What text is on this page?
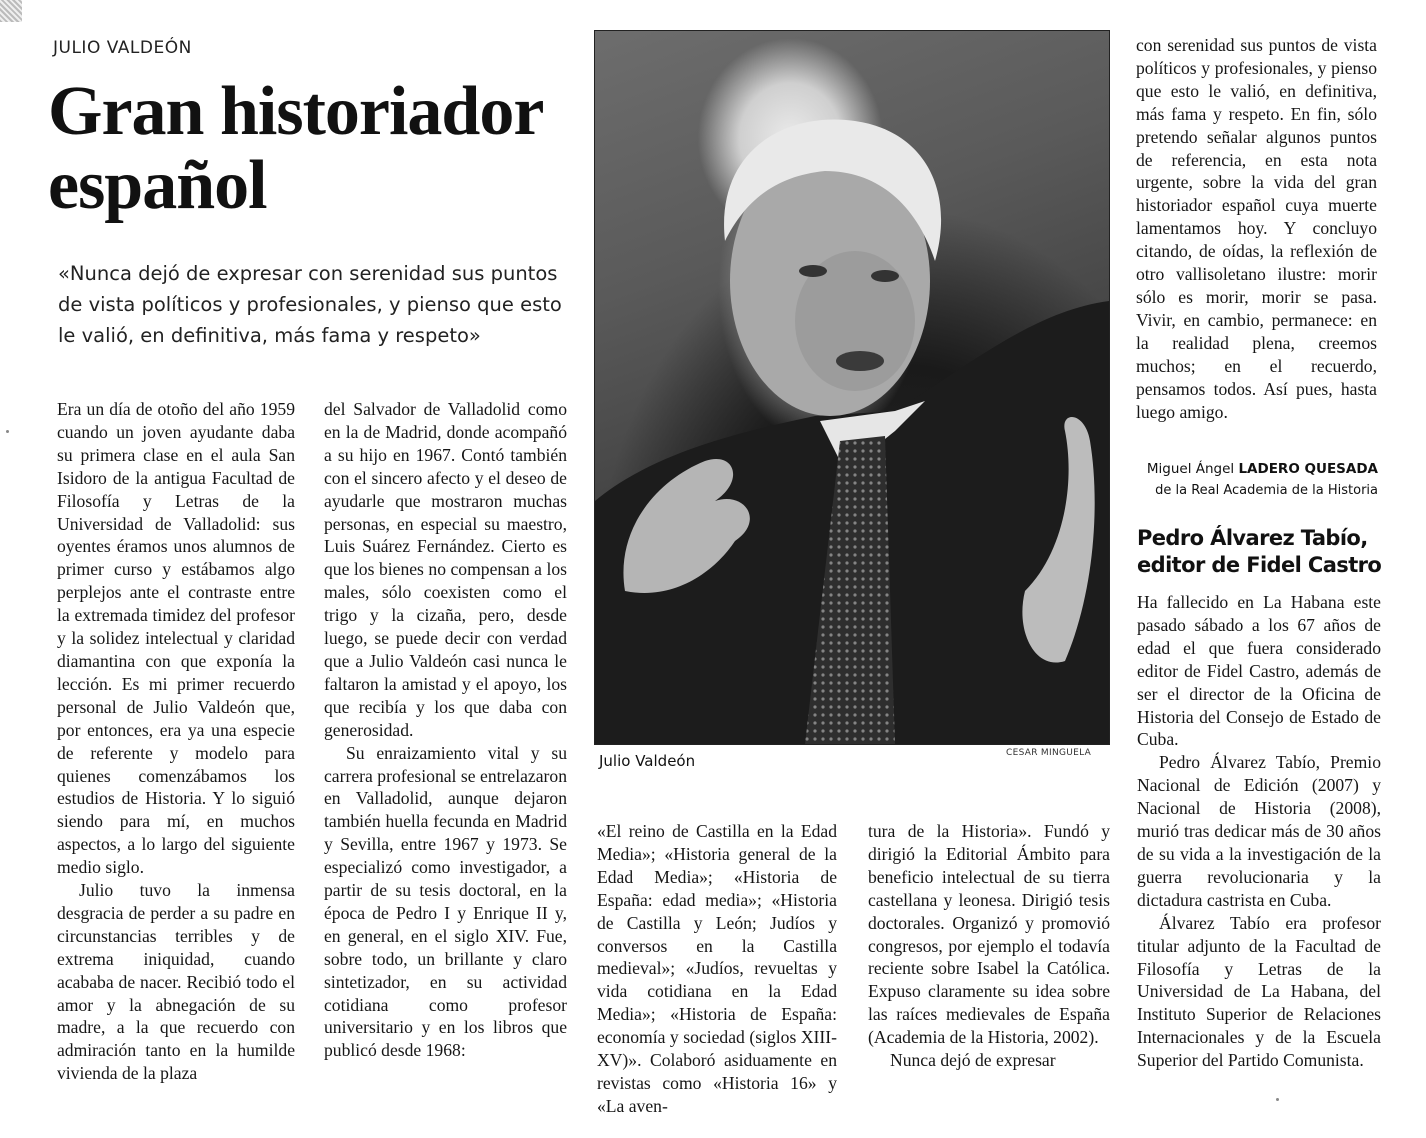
JULIO VALDEÓN
Gran historiador español

«Nunca dejó de expresar con serenidad sus puntos de vista políticos y profesionales, y pienso que esto le valió, en definitiva, más fama y respeto»

Era un día de otoño del año 1959 cuando un joven ayudante daba su primera clase en el aula San Isidoro de la antigua Facultad de Filosofía y Letras de la Universidad de Valladolid: sus oyentes éramos unos alumnos de primer curso y estábamos algo perplejos ante el contraste entre la extremada timidez del profesor y la solidez intelectual y claridad diamantina con que exponía la lección. Es mi primer recuerdo personal de Julio Valdeón que, por entonces, era ya una especie de referente y modelo para quienes comenzábamos los estudios de Historia. Y lo siguió siendo para mí, en muchos aspectos, a lo largo del siguiente medio siglo.

Julio tuvo la inmensa desgracia de perder a su padre en circunstancias terribles y de extrema iniquidad, cuando acababa de nacer. Recibió todo el amor y la abnegación de su madre, a la que recuerdo con admiración tanto en la humilde vivienda de la plaza

del Salvador de Valladolid como en la de Madrid, donde acompañó a su hijo en 1967. Contó también con el sincero afecto y el deseo de ayudarle que mostraron muchas personas, en especial su maestro, Luis Suárez Fernández. Cierto es que los bienes no compensan a los males, sólo coexisten como el trigo y la cizaña, pero, desde luego, se puede decir con verdad que a Julio Valdeón casi nunca le faltaron la amistad y el apoyo, los que recibía y los que daba con generosidad.

Su enraizamiento vital y su carrera profesional se entrelazaron en Valladolid, aunque dejaron también huella fecunda en Madrid y Sevilla, entre 1967 y 1973. Se especializó como investigador, a partir de su tesis doctoral, en la época de Pedro I y Enrique II y, en general, en el siglo XIV. Fue, sobre todo, un brillante y claro sintetizador, en su actividad cotidiana como profesor universitario y en los libros que publicó desde 1968:

«El reino de Castilla en la Edad Media»; «Historia general de la Edad Media»; «Historia de España: edad media»; «Historia de Castilla y León; Judíos y conversos en la Castilla medieval»; «Judíos, revueltas y vida cotidiana en la Edad Media»; «Historia de España: economía y sociedad (siglos XIII-XV)». Colaboró asiduamente en revistas como «Historia 16» y «La aven-

tura de la Historia». Fundó y dirigió la Editorial Ámbito para beneficio intelectual de su tierra castellana y leonesa. Dirigió tesis doctorales. Organizó y promovió congresos, por ejemplo el todavía reciente sobre Isabel la Católica. Expuso claramente su idea sobre las raíces medievales de España (Academia de la Historia, 2002).

Nunca dejó de expresar

con serenidad sus puntos de vista políticos y profesionales, y pienso que esto le valió, en definitiva, más fama y respeto. En fin, sólo pretendo señalar algunos puntos de referencia, en esta nota urgente, sobre la vida del gran historiador español cuya muerte lamentamos hoy. Y concluyo citando, de oídas, la reflexión de otro vallisoletano ilustre: morir sólo es morir, morir se pasa. Vivir, en cambio, permanece: en la realidad plena, creemos muchos; en el recuerdo, pensamos todos. Así pues, hasta luego amigo.

Julio Valdeón	CESAR MINGUELA
Miguel Ángel LADERO QUESADA
de la Real Academia de la Historia
Pedro Álvarez Tabío, editor de Fidel Castro

Ha fallecido en La Habana este pasado sábado a los 67 años de edad el que fuera considerado editor de Fidel Castro, además de ser el director de la Oficina de Historia del Consejo de Estado de Cuba.

Pedro Álvarez Tabío, Premio Nacional de Edición (2007) y Nacional de Historia (2008), murió tras dedicar más de 30 años de su vida a la investigación de la guerra revolucionaria y la dictadura castrista en Cuba.

Álvarez Tabío era profesor titular adjunto de la Facultad de Filosofía y Letras de la Universidad de La Habana, del Instituto Superior de Relaciones Internacionales y de la Escuela Superior del Partido Comunista.
